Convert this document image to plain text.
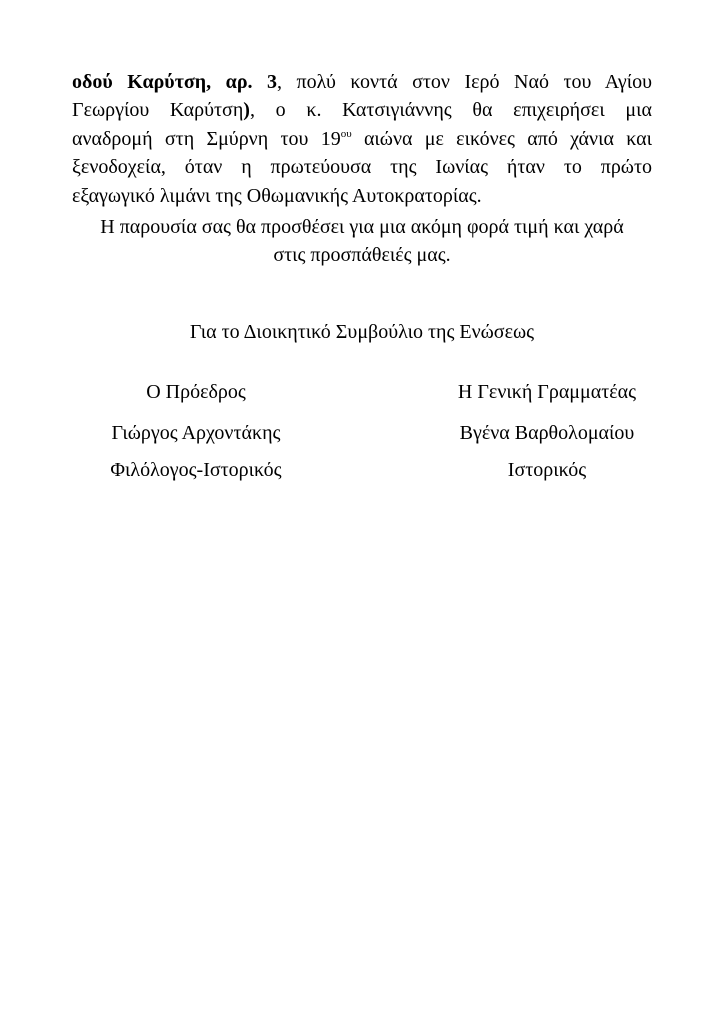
οδού Καρύτση, αρ. 3, πολύ κοντά στον Ιερό Ναό του Αγίου
Γεωργίου Καρύτση), ο κ. Κατσιγιάννης θα επιχειρήσει μια
αναδρομή στη Σμύρνη του $19^{o\upsilon}$ αιώνα με εικόνες από χάνια και
ξενοδοχεία, όταν η πρωτεύουσα της Ιωνίας ήταν το πρώτο
εξαγωγικό λιμάνι της Οθωμανικής Αυτοκρατορίας.

Η παρουσία σας θα προσθέσει για μια ακόμη φορά τιμή και χαρά
στις προσπάθειές μας.

Για το Διοικητικό Συμβούλιο της Ενώσεως
Ο Πρόεδρος
Γιώργος Αρχοντάκης
Φιλόλογος-Ιστορικός
Η Γενική Γραμματέας
Βγένα Βαρθολομαίου
Ιστορικός
